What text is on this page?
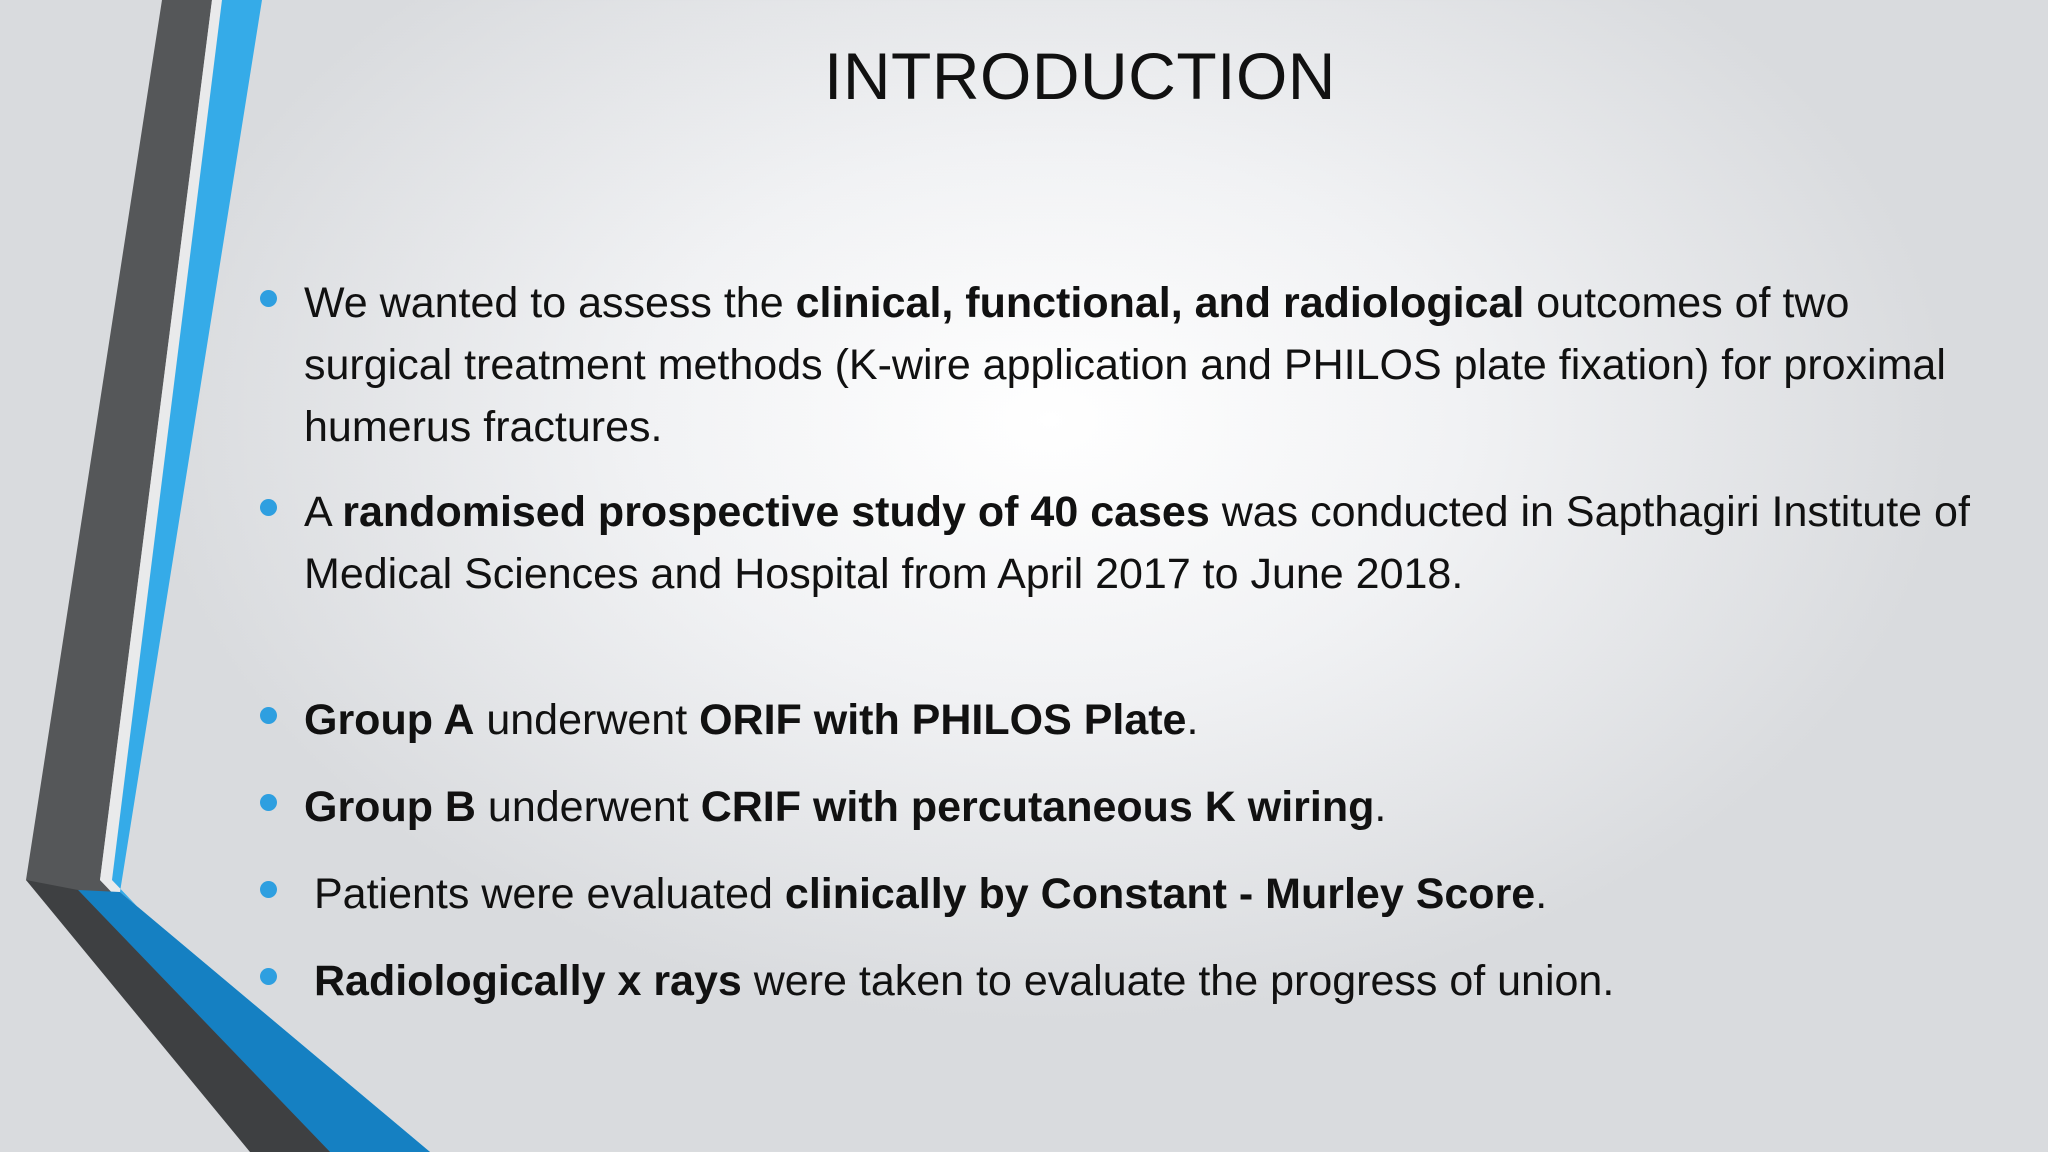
INTRODUCTION
We wanted to assess the clinical, functional, and radiological outcomes of two surgical treatment methods (K-wire application and PHILOS plate fixation) for proximal humerus fractures.
A randomised prospective study of 40 cases was conducted in Sapthagiri Institute of Medical Sciences and Hospital from April 2017 to June 2018.
Group A underwent ORIF with PHILOS Plate.
Group B underwent CRIF with percutaneous K wiring.
Patients were evaluated clinically by Constant - Murley Score.
Radiologically x rays were taken to evaluate the progress of union.
